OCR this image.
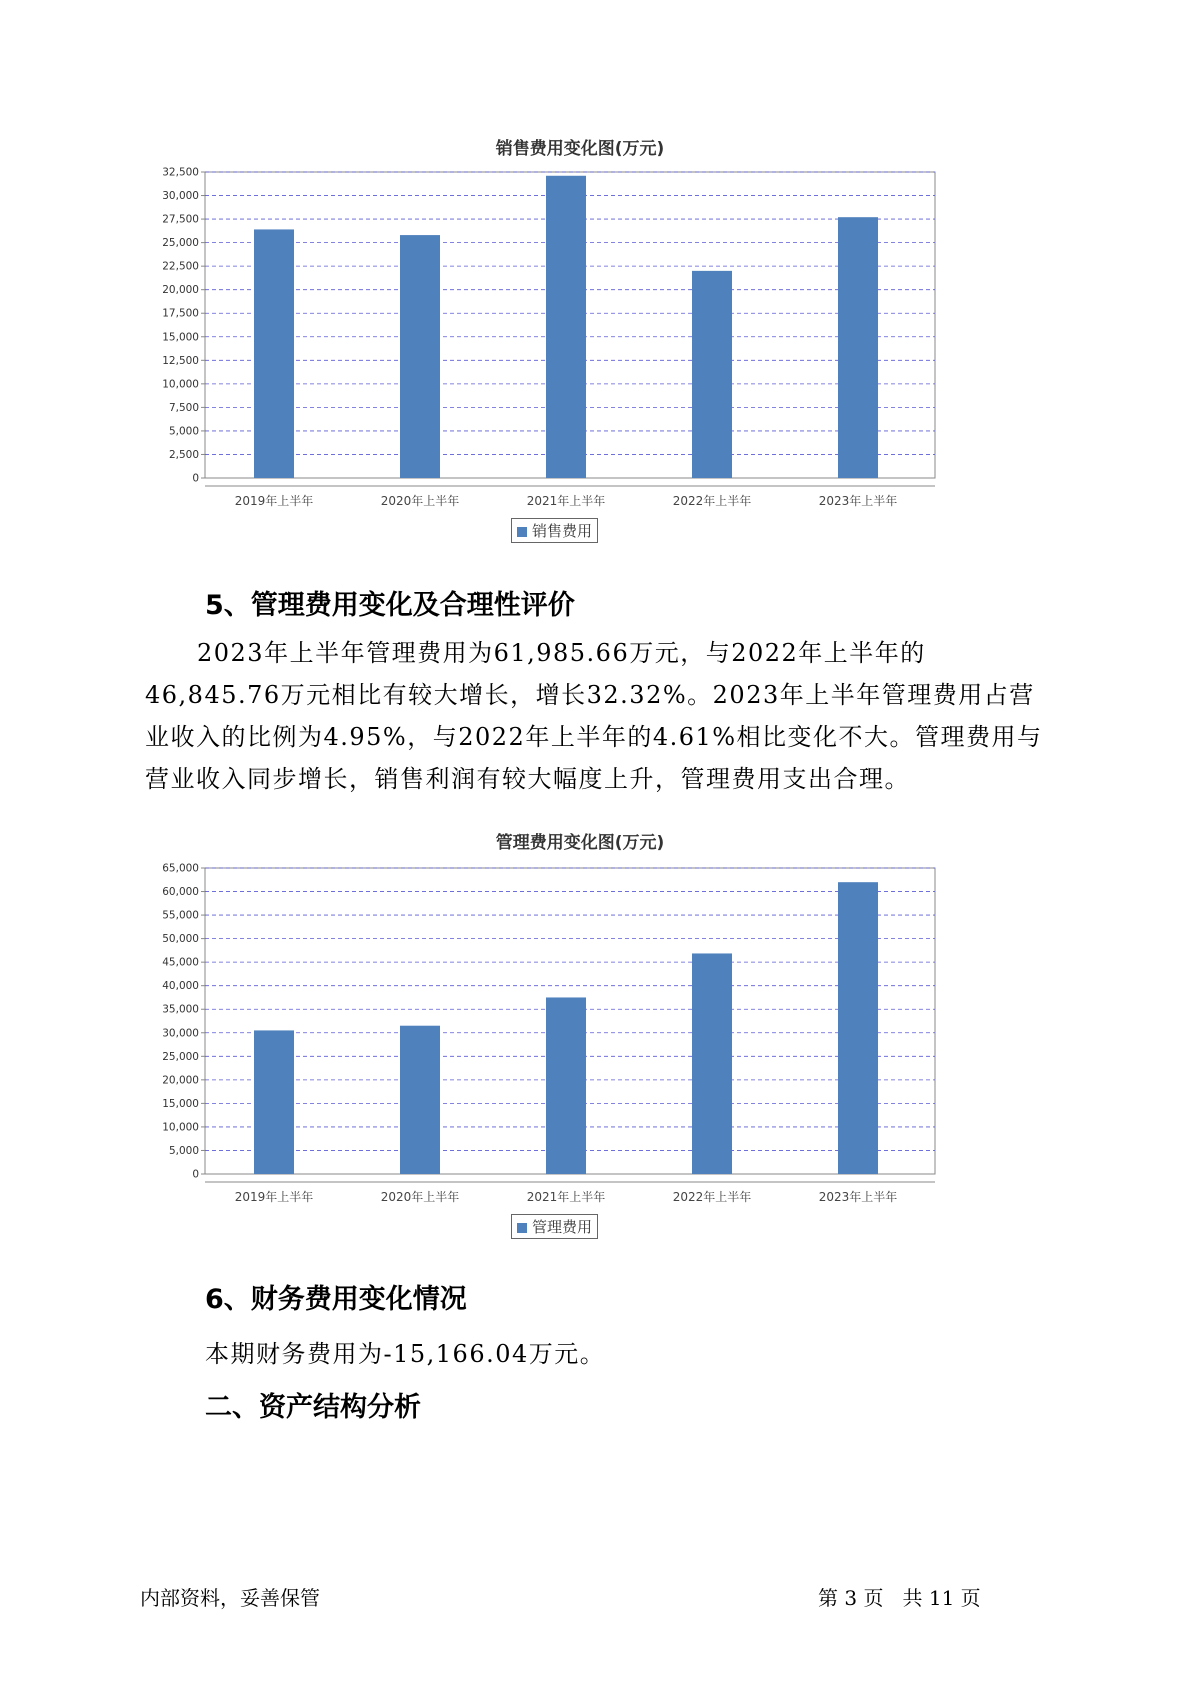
销售费用变化图(万元)
0
2,500
5,000
7,500
10,000
12,500
15,000
17,500
20,000
22,500
25,000
27,500
30,000
32,500
2019年上半年	2020年上半年	2021年上半年	2022年上半年	2023年上半年
销售费用
5、管理费用变化及合理性评价

2023年上半年管理费用为61,985.66万元，与2022年上半年的46,845.76万元相比有较大增长，增长32.32%。2023年上半年管理费用占营业收入的比例为4.95%，与2022年上半年的4.61%相比变化不大。管理费用与营业收入同步增长，销售利润有较大幅度上升，管理费用支出合理。

管理费用变化图(万元)
0
5,000
10,000
15,000
20,000
25,000
30,000
35,000
40,000
45,000
50,000
55,000
60,000
65,000
2019年上半年	2020年上半年	2021年上半年	2022年上半年	2023年上半年
管理费用
6、财务费用变化情况
本期财务费用为-15,166.04万元。
二、资产结构分析
内部资料，妥善保管	第 3 页   共 11 页
